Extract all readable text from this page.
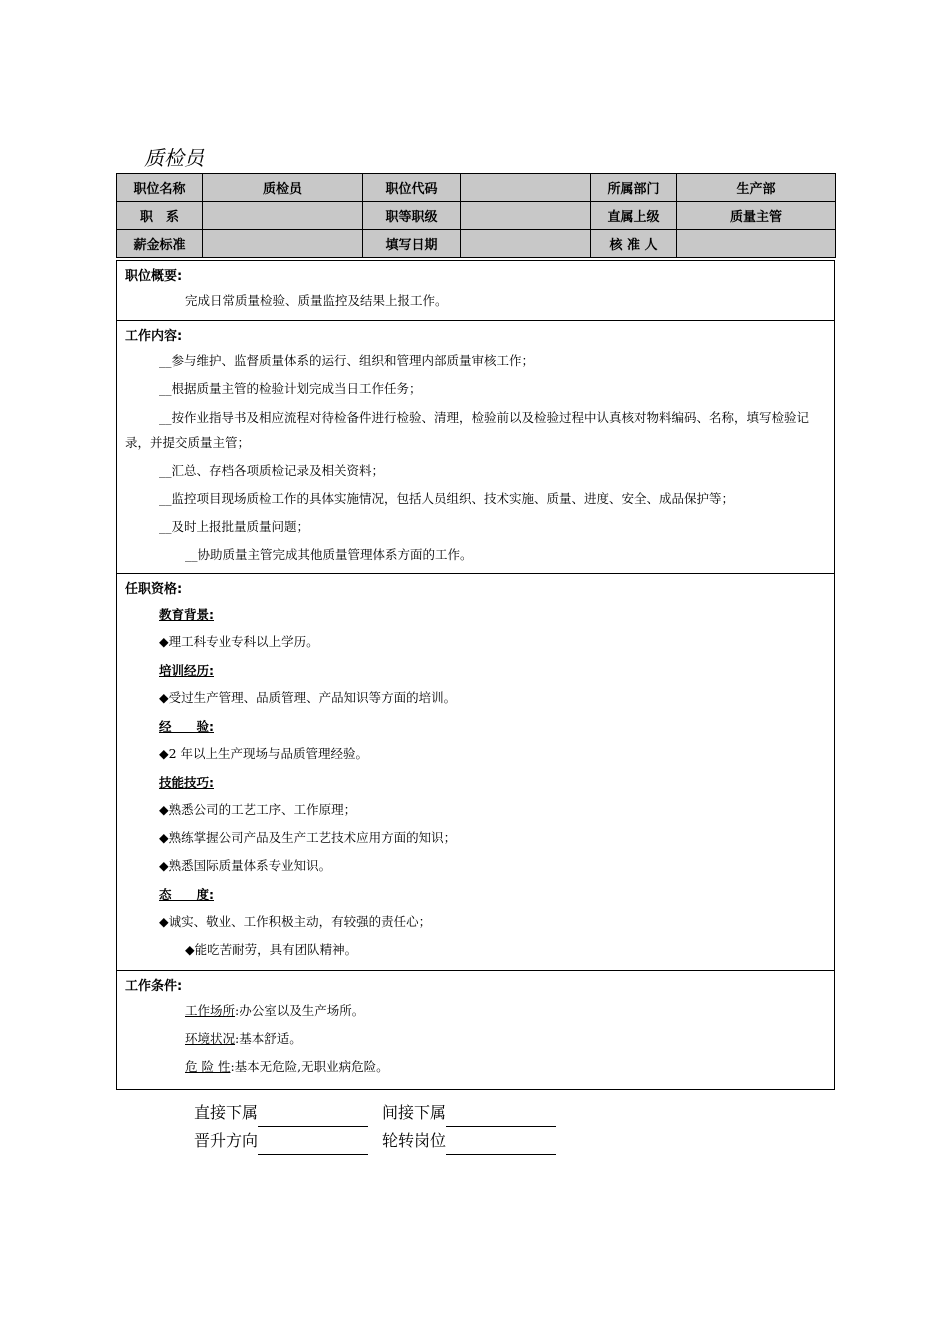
质检员
职位名称	质检员	职位代码		所属部门	生产部
职　系		职等职级		直属上级	质量主管
薪金标准		填写日期		核 准 人	
职位概要:
完成日常质量检验、质量监控及结果上报工作。
工作内容:
__参与维护、监督质量体系的运行、组织和管理内部质量审核工作；
__根据质量主管的检验计划完成当日工作任务；
__按作业指导书及相应流程对待检备件进行检验、清理，检验前以及检验过程中认真核对物料编码、名称，填写检验记录，并提交质量主管；
__汇总、存档各项质检记录及相关资料；
__监控项目现场质检工作的具体实施情况，包括人员组织、技术实施、质量、进度、安全、成品保护等；
__及时上报批量质量问题；
__协助质量主管完成其他质量管理体系方面的工作。
任职资格:
教育背景:
◆理工科专业专科以上学历。
培训经历:
◆受过生产管理、品质管理、产品知识等方面的培训。
经　　验:
◆2 年以上生产现场与品质管理经验。
技能技巧:
◆熟悉公司的工艺工序、工作原理；
◆熟练掌握公司产品及生产工艺技术应用方面的知识；
◆熟悉国际质量体系专业知识。
态　　度:
◆诚实、敬业、工作积极主动，有较强的责任心；
◆能吃苦耐劳，具有团队精神。
工作条件:
工作场所:办公室以及生产场所。
环境状况:基本舒适。
危 险 性:基本无危险,无职业病危险。
直接下属	间接下属
晋升方向	轮转岗位
